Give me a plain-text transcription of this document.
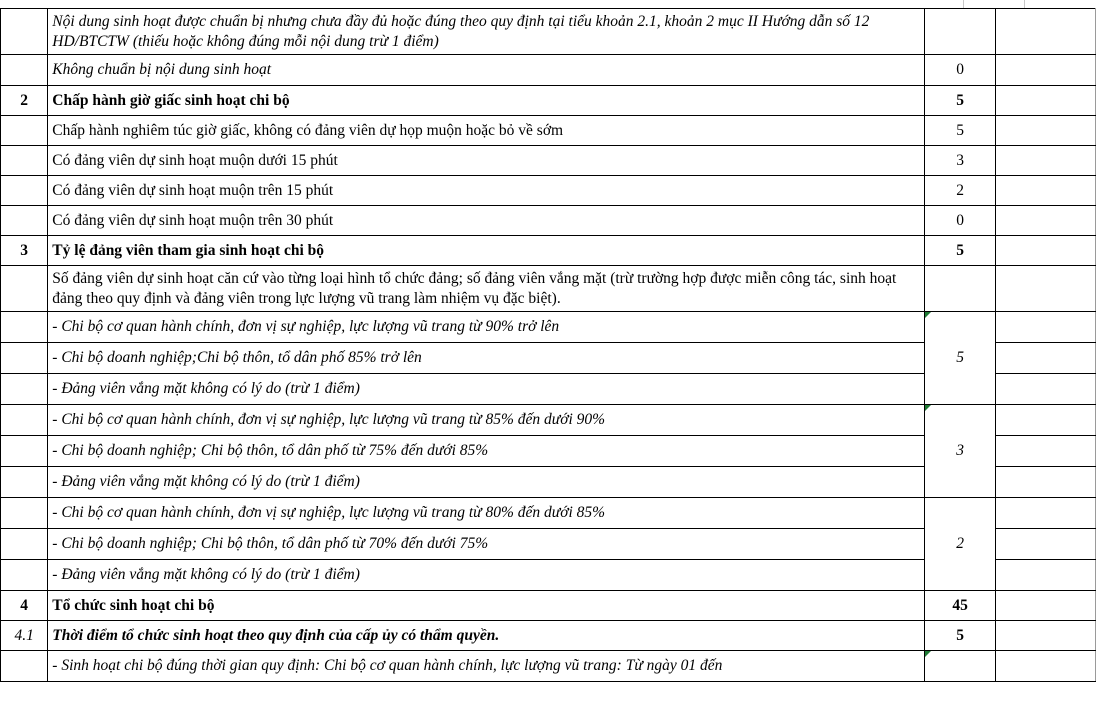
	Nội dung sinh hoạt được chuẩn bị nhưng chưa đầy đủ hoặc đúng theo quy định tại tiểu khoản 2.1, khoản 2 mục II Hướng dẫn số 12 HD/BTCTW (thiếu hoặc không đúng mỗi nội dung trừ 1 điểm)		
	Không chuẩn bị nội dung sinh hoạt	0	
2	Chấp hành giờ giấc sinh hoạt chi bộ	5	
	Chấp hành nghiêm túc giờ giấc, không có đảng viên dự họp muộn hoặc bỏ về sớm	5	
	Có đảng viên dự sinh hoạt muộn dưới 15 phút	3	
	Có đảng viên dự sinh hoạt muộn trên 15 phút	2	
	Có đảng viên dự sinh hoạt muộn trên 30 phút	0	
3	Tỷ lệ đảng viên tham gia sinh hoạt chi bộ	5	
	Số đảng viên dự sinh hoạt căn cứ vào từng loại hình tổ chức đảng; số đảng viên vắng mặt (trừ trường hợp được miễn công tác, sinh hoạt đảng theo quy định và đảng viên trong lực lượng vũ trang làm nhiệm vụ đặc biệt).		
	- Chi bộ cơ quan hành chính, đơn vị sự nghiệp, lực lượng vũ trang từ 90% trở lên	5	
	- Chi bộ doanh nghiệp;Chi bộ thôn, tổ dân phố 85% trở lên		
	- Đảng viên vắng mặt không có lý do (trừ 1 điểm)		
	- Chi bộ cơ quan hành chính, đơn vị sự nghiệp, lực lượng vũ trang từ 85% đến dưới 90%	3	
	- Chi bộ doanh nghiệp; Chi bộ thôn, tổ dân phố từ 75% đến dưới 85%		
	- Đảng viên vắng mặt không có lý do (trừ 1 điểm)		
	- Chi bộ cơ quan hành chính, đơn vị sự nghiệp, lực lượng vũ trang từ 80% đến dưới 85%	2	
	- Chi bộ doanh nghiệp; Chi bộ thôn, tổ dân phố từ 70% đến dưới 75%		
	- Đảng viên vắng mặt không có lý do (trừ 1 điểm)		
4	Tổ chức sinh hoạt chi bộ	45	
4.1	Thời điểm tổ chức sinh hoạt theo quy định của cấp ủy có thẩm quyền.	5	
	- Sinh hoạt chi bộ đúng thời gian quy định: Chi bộ cơ quan hành chính, lực lượng vũ trang: Từ ngày 01 đến		
